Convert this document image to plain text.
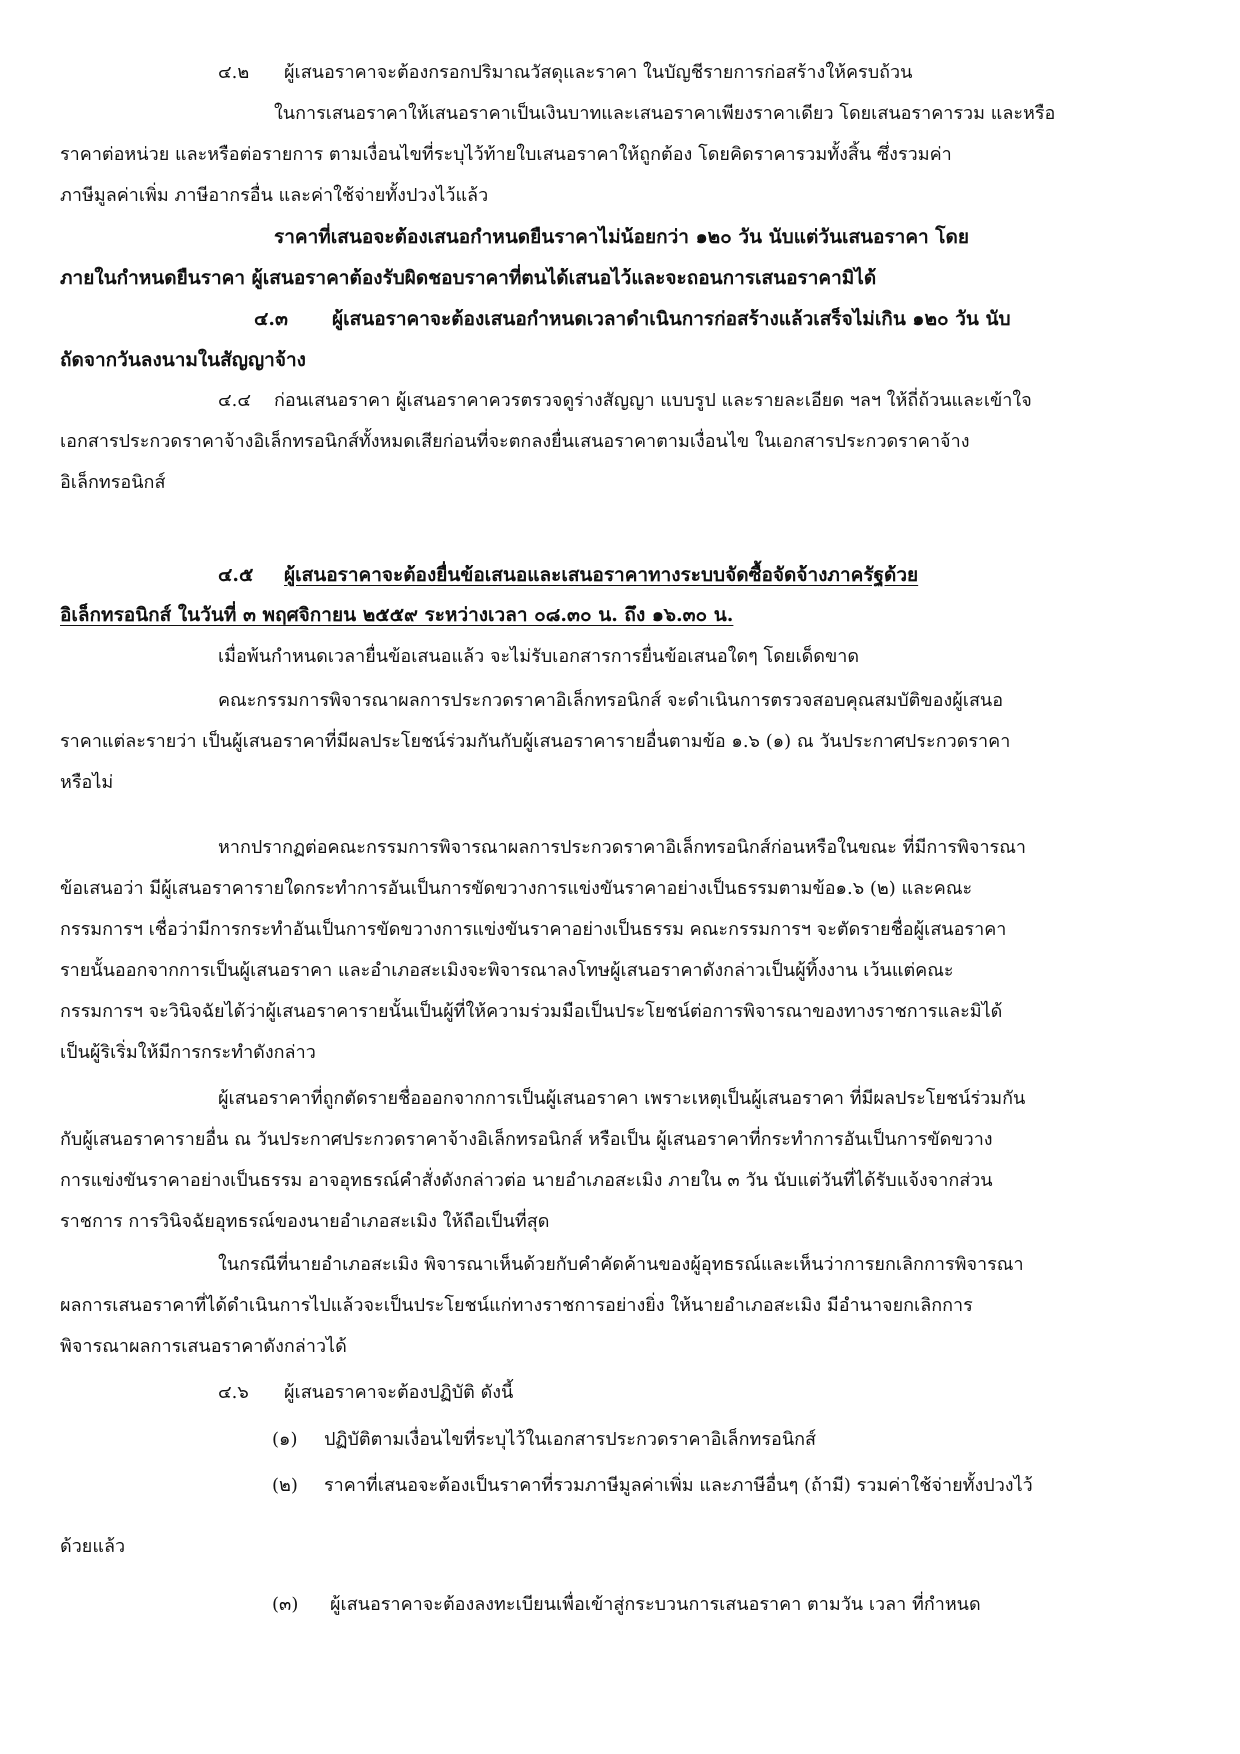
๔.๒ ผู้เสนอราคาจะต้องกรอกปริมาณวัสดุและราคา ในบัญชีรายการก่อสร้างให้ครบถ้วน
ในการเสนอราคาให้เสนอราคาเป็นเงินบาทและเสนอราคาเพียงราคาเดียว โดยเสนอราคารวม และหรือ
ราคาต่อหน่วย และหรือต่อรายการ ตามเงื่อนไขที่ระบุไว้ท้ายใบเสนอราคาให้ถูกต้อง โดยคิดราคารวมทั้งสิ้น ซึ่งรวมค่า
ภาษีมูลค่าเพิ่ม ภาษีอากรอื่น และค่าใช้จ่ายทั้งปวงไว้แล้ว
ราคาที่เสนอจะต้องเสนอกำหนดยืนราคาไม่น้อยกว่า ๑๒๐ วัน นับแต่วันเสนอราคา โดย
ภายในกำหนดยืนราคา ผู้เสนอราคาต้องรับผิดชอบราคาที่ตนได้เสนอไว้และจะถอนการเสนอราคามิได้
๔.๓ ผู้เสนอราคาจะต้องเสนอกำหนดเวลาดำเนินการก่อสร้างแล้วเสร็จไม่เกิน ๑๒๐ วัน นับ
ถัดจากวันลงนามในสัญญาจ้าง
๔.๔ ก่อนเสนอราคา ผู้เสนอราคาควรตรวจดูร่างสัญญา แบบรูป และรายละเอียด ฯลฯ ให้ถี่ถ้วนและเข้าใจ
เอกสารประกวดราคาจ้างอิเล็กทรอนิกส์ทั้งหมดเสียก่อนที่จะตกลงยื่นเสนอราคาตามเงื่อนไข ในเอกสารประกวดราคาจ้าง
อิเล็กทรอนิกส์
๔.๕ ผู้เสนอราคาจะต้องยื่นข้อเสนอและเสนอราคาทางระบบจัดซื้อจัดจ้างภาครัฐด้วย
อิเล็กทรอนิกส์ ในวันที่ ๓ พฤศจิกายน ๒๕๕๙ ระหว่างเวลา ๐๘.๓๐ น. ถึง ๑๖.๓๐ น.
เมื่อพ้นกำหนดเวลายื่นข้อเสนอแล้ว จะไม่รับเอกสารการยื่นข้อเสนอใดๆ โดยเด็ดขาด
คณะกรรมการพิจารณาผลการประกวดราคาอิเล็กทรอนิกส์ จะดำเนินการตรวจสอบคุณสมบัติของผู้เสนอ
ราคาแต่ละรายว่า เป็นผู้เสนอราคาที่มีผลประโยชน์ร่วมกันกับผู้เสนอราคารายอื่นตามข้อ ๑.๖ (๑) ณ วันประกาศประกวดราคา
หรือไม่
หากปรากฏต่อคณะกรรมการพิจารณาผลการประกวดราคาอิเล็กทรอนิกส์ก่อนหรือในขณะ ที่มีการพิจารณา
ข้อเสนอว่า มีผู้เสนอราคารายใดกระทำการอันเป็นการขัดขวางการแข่งขันราคาอย่างเป็นธรรมตามข้อ๑.๖ (๒) และคณะ
กรรมการฯ เชื่อว่ามีการกระทำอันเป็นการขัดขวางการแข่งขันราคาอย่างเป็นธรรม คณะกรรมการฯ จะตัดรายชื่อผู้เสนอราคา
รายนั้นออกจากการเป็นผู้เสนอราคา และอำเภอสะเมิงจะพิจารณาลงโทษผู้เสนอราคาดังกล่าวเป็นผู้ทิ้งงาน เว้นแต่คณะ
กรรมการฯ จะวินิจฉัยได้ว่าผู้เสนอราคารายนั้นเป็นผู้ที่ให้ความร่วมมือเป็นประโยชน์ต่อการพิจารณาของทางราชการและมิได้
เป็นผู้ริเริ่มให้มีการกระทำดังกล่าว
ผู้เสนอราคาที่ถูกตัดรายชื่อออกจากการเป็นผู้เสนอราคา เพราะเหตุเป็นผู้เสนอราคา ที่มีผลประโยชน์ร่วมกัน
กับผู้เสนอราคารายอื่น ณ วันประกาศประกวดราคาจ้างอิเล็กทรอนิกส์ หรือเป็น ผู้เสนอราคาที่กระทำการอันเป็นการขัดขวาง
การแข่งขันราคาอย่างเป็นธรรม อาจอุทธรณ์คำสั่งดังกล่าวต่อ นายอำเภอสะเมิง ภายใน ๓ วัน นับแต่วันที่ได้รับแจ้งจากส่วน
ราชการ การวินิจฉัยอุทธรณ์ของนายอำเภอสะเมิง ให้ถือเป็นที่สุด
ในกรณีที่นายอำเภอสะเมิง พิจารณาเห็นด้วยกับคำคัดค้านของผู้อุทธรณ์และเห็นว่าการยกเลิกการพิจารณา
ผลการเสนอราคาที่ได้ดำเนินการไปแล้วจะเป็นประโยชน์แก่ทางราชการอย่างยิ่ง ให้นายอำเภอสะเมิง มีอำนาจยกเลิกการ
พิจารณาผลการเสนอราคาดังกล่าวได้
๔.๖ ผู้เสนอราคาจะต้องปฏิบัติ ดังนี้
(๑) ปฏิบัติตามเงื่อนไขที่ระบุไว้ในเอกสารประกวดราคาอิเล็กทรอนิกส์
(๒) ราคาที่เสนอจะต้องเป็นราคาที่รวมภาษีมูลค่าเพิ่ม และภาษีอื่นๆ (ถ้ามี) รวมค่าใช้จ่ายทั้งปวงไว้
ด้วยแล้ว
(๓) ผู้เสนอราคาจะต้องลงทะเบียนเพื่อเข้าสู่กระบวนการเสนอราคา ตามวัน เวลา ที่กำหนด
